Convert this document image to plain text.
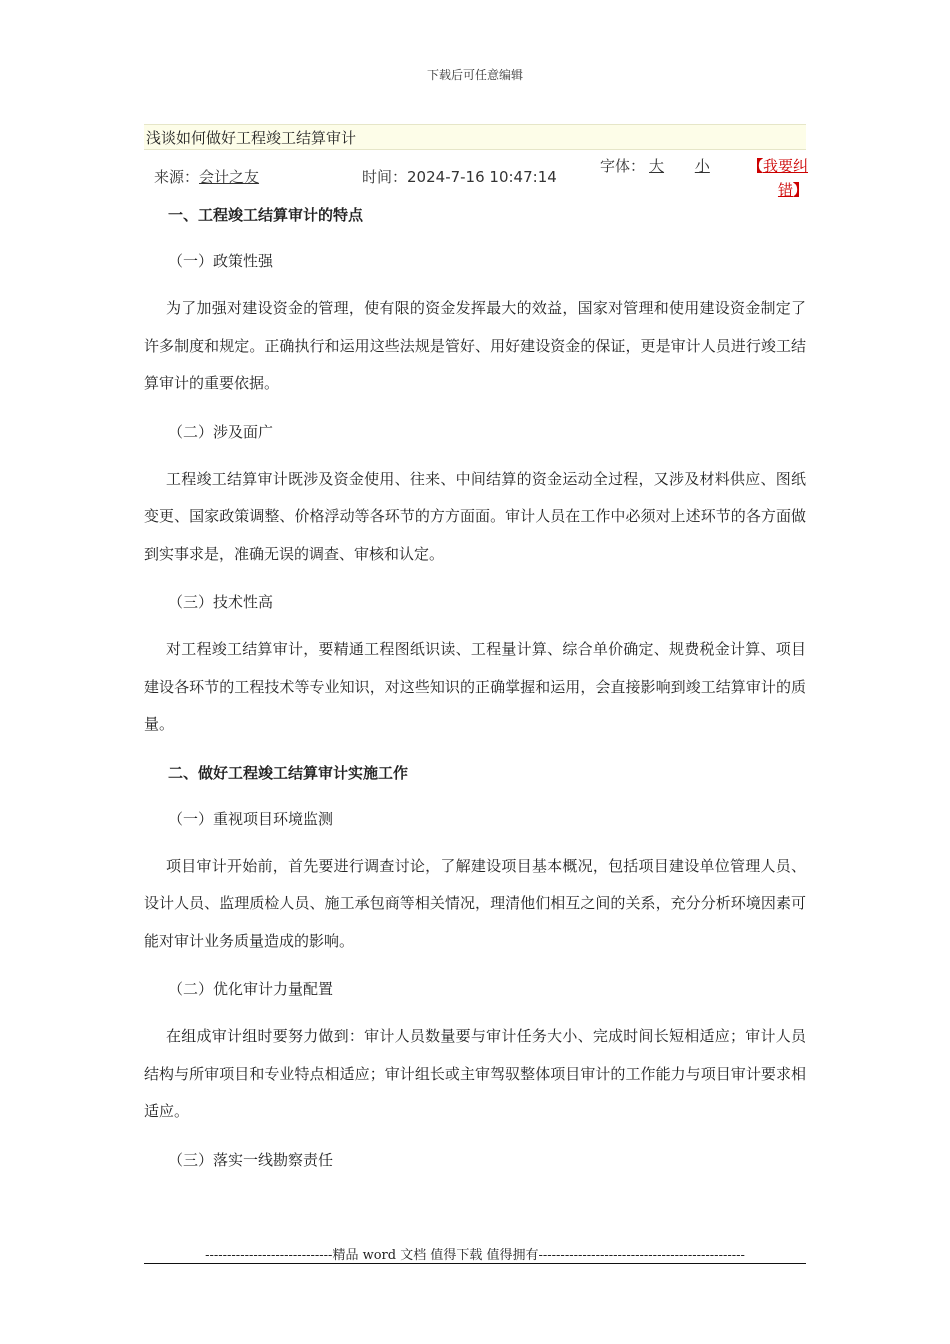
下载后可任意编辑
浅谈如何做好工程竣工结算审计
来源：会计之友	时间：2024-7-16 10:47:14
字体： 大 小	【我要纠
错】
一、工程竣工结算审计的特点
（一）政策性强

为了加强对建设资金的管理，使有限的资金发挥最大的效益，国家对管理和使用建设资金制定了许多制度和规定。正确执行和运用这些法规是管好、用好建设资金的保证，更是审计人员进行竣工结算审计的重要依据。

（二）涉及面广

工程竣工结算审计既涉及资金使用、往来、中间结算的资金运动全过程，又涉及材料供应、图纸变更、国家政策调整、价格浮动等各环节的方方面面。审计人员在工作中必须对上述环节的各方面做到实事求是，准确无误的调查、审核和认定。

（三）技术性高

对工程竣工结算审计，要精通工程图纸识读、工程量计算、综合单价确定、规费税金计算、项目建设各环节的工程技术等专业知识，对这些知识的正确掌握和运用，会直接影响到竣工结算审计的质量。

二、做好工程竣工结算审计实施工作
（一）重视项目环境监测

项目审计开始前，首先要进行调查讨论，了解建设项目基本概况，包括项目建设单位管理人员、设计人员、监理质检人员、施工承包商等相关情况，理清他们相互之间的关系，充分分析环境因素可能对审计业务质量造成的影响。

（二）优化审计力量配置

在组成审计组时要努力做到：审计人员数量要与审计任务大小、完成时间长短相适应；审计人员结构与所审项目和专业特点相适应；审计组长或主审驾驭整体项目审计的工作能力与项目审计要求相适应。

（三）落实一线勘察责任
-----------------------------精品 word 文档 值得下载 值得拥有-----------------------------------------------
